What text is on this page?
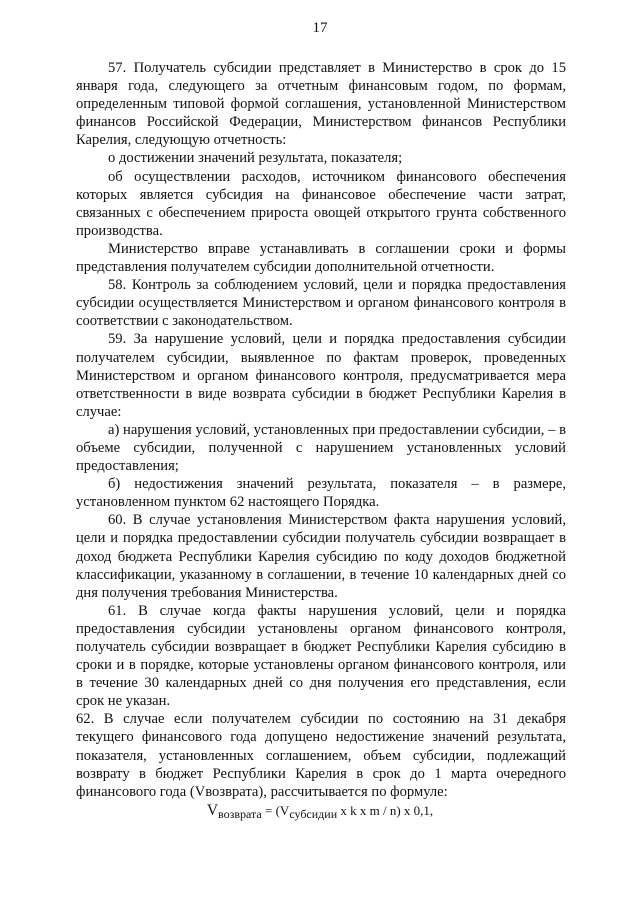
17

57. Получатель субсидии представляет в Министерство в срок до 15 января года, следующего за отчетным финансовым годом, по формам, определенным типовой формой соглашения, установленной Министерством финансов Российской Федерации, Министерством финансов Республики Карелия, следующую отчетность:

о достижении значений результата, показателя;

об осуществлении расходов, источником финансового обеспечения которых является субсидия на финансовое обеспечение части затрат, связанных с обеспечением прироста овощей открытого грунта собственного производства.

Министерство вправе устанавливать в соглашении сроки и формы представления получателем субсидии дополнительной отчетности.

58. Контроль за соблюдением условий, цели и порядка предоставления субсидии осуществляется Министерством и органом финансового контроля в соответствии с законодательством.

59. За нарушение условий, цели и порядка предоставления субсидии получателем субсидии, выявленное по фактам проверок, проведенных Министерством и органом финансового контроля, предусматривается мера ответственности в виде возврата субсидии в бюджет Республики Карелия в случае:

а) нарушения условий, установленных при предоставлении субсидии, – в объеме субсидии, полученной с нарушением установленных условий предоставления;

б) недостижения значений результата, показателя – в размере, установленном пунктом 62 настоящего Порядка.

60. В случае установления Министерством факта нарушения условий, цели и порядка предоставлении субсидии получатель субсидии возвращает в доход бюджета Республики Карелия субсидию по коду доходов бюджетной классификации, указанному в соглашении, в течение 10 календарных дней со дня получения требования Министерства.

61. В случае когда факты нарушения условий, цели и порядка предоставления субсидии установлены органом финансового контроля, получатель субсидии возвращает в бюджет Республики Карелия субсидию в сроки и в порядке, которые установлены органом финансового контроля, или в течение 30 календарных дней со дня получения его представления, если срок не указан.

62. В случае если получателем субсидии по состоянию на 31 декабря текущего финансового года допущено недостижение значений результата, показателя, установленных соглашением, объем субсидии, подлежащий возврату в бюджет Республики Карелия в срок до 1 марта очередного финансового года (Vвозврата), рассчитывается по формуле:

$V_{возврата} = (V_{субсидии}$ x k x m / n) x 0,1,
